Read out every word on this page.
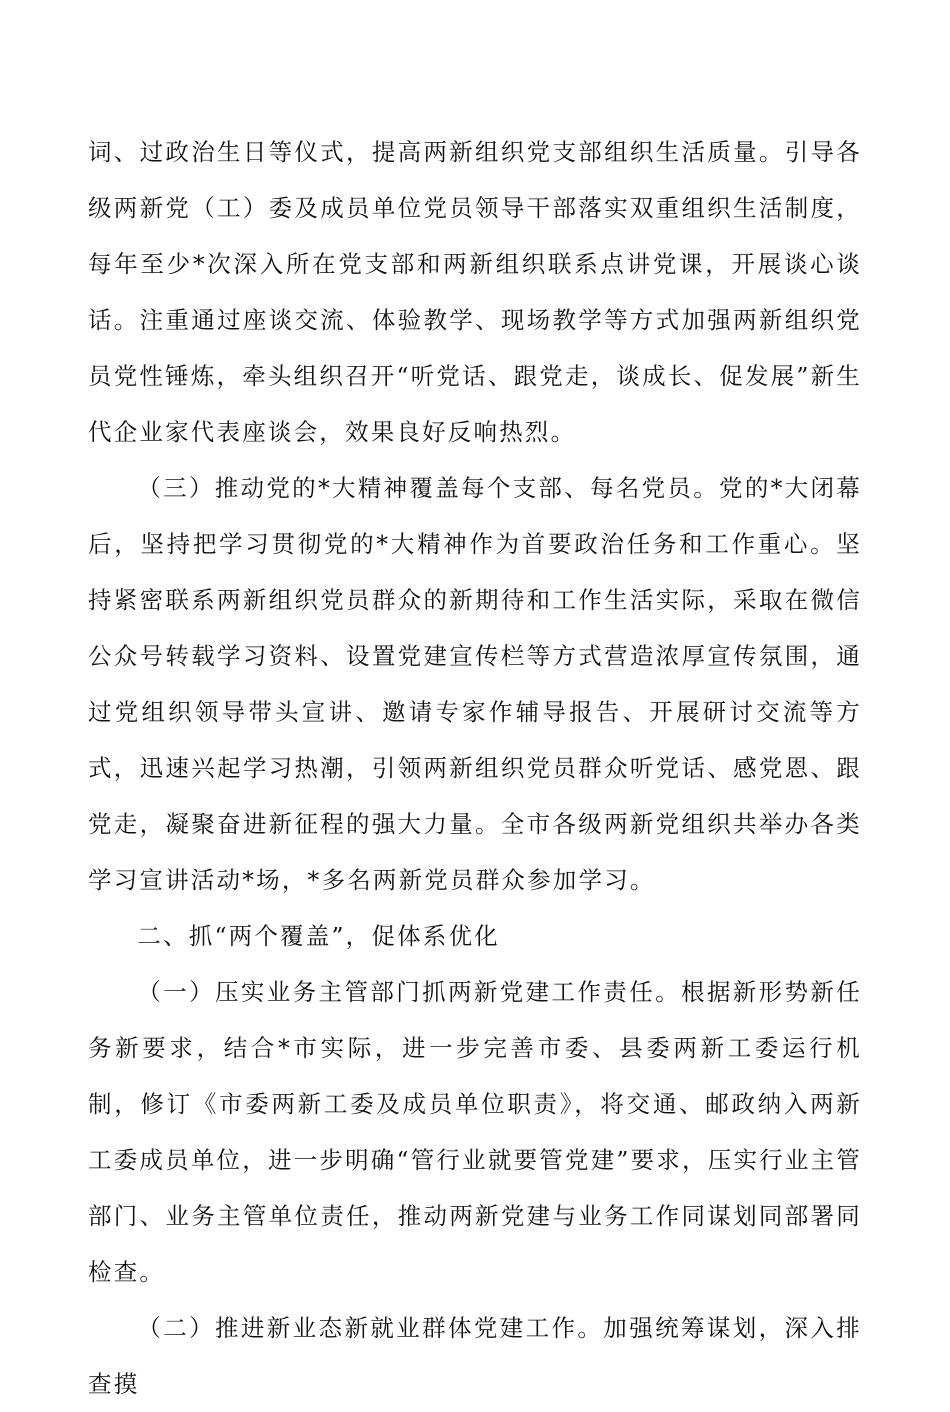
词、过政治生日等仪式，提高两新组织党支部组织生活质量。引导各级两新党（工）委及成员单位党员领导干部落实双重组织生活制度，每年至少*次深入所在党支部和两新组织联系点讲党课，开展谈心谈话。注重通过座谈交流、体验教学、现场教学等方式加强两新组织党员党性锤炼，牵头组织召开“听党话、跟党走，谈成长、促发展”新生代企业家代表座谈会，效果良好反响热烈。

（三）推动党的*大精神覆盖每个支部、每名党员。党的*大闭幕后，坚持把学习贯彻党的*大精神作为首要政治任务和工作重心。坚持紧密联系两新组织党员群众的新期待和工作生活实际，采取在微信公众号转载学习资料、设置党建宣传栏等方式营造浓厚宣传氛围，通过党组织领导带头宣讲、邀请专家作辅导报告、开展研讨交流等方式，迅速兴起学习热潮，引领两新组织党员群众听党话、感党恩、跟党走，凝聚奋进新征程的强大力量。全市各级两新党组织共举办各类学习宣讲活动*场，*多名两新党员群众参加学习。

二、抓“两个覆盖”，促体系优化

（一）压实业务主管部门抓两新党建工作责任。根据新形势新任务新要求，结合*市实际，进一步完善市委、县委两新工委运行机制，修订《市委两新工委及成员单位职责》，将交通、邮政纳入两新工委成员单位，进一步明确“管行业就要管党建”要求，压实行业主管部门、业务主管单位责任，推动两新党建与业务工作同谋划同部署同检查。

（二）推进新业态新就业群体党建工作。加强统筹谋划，深入排查摸
